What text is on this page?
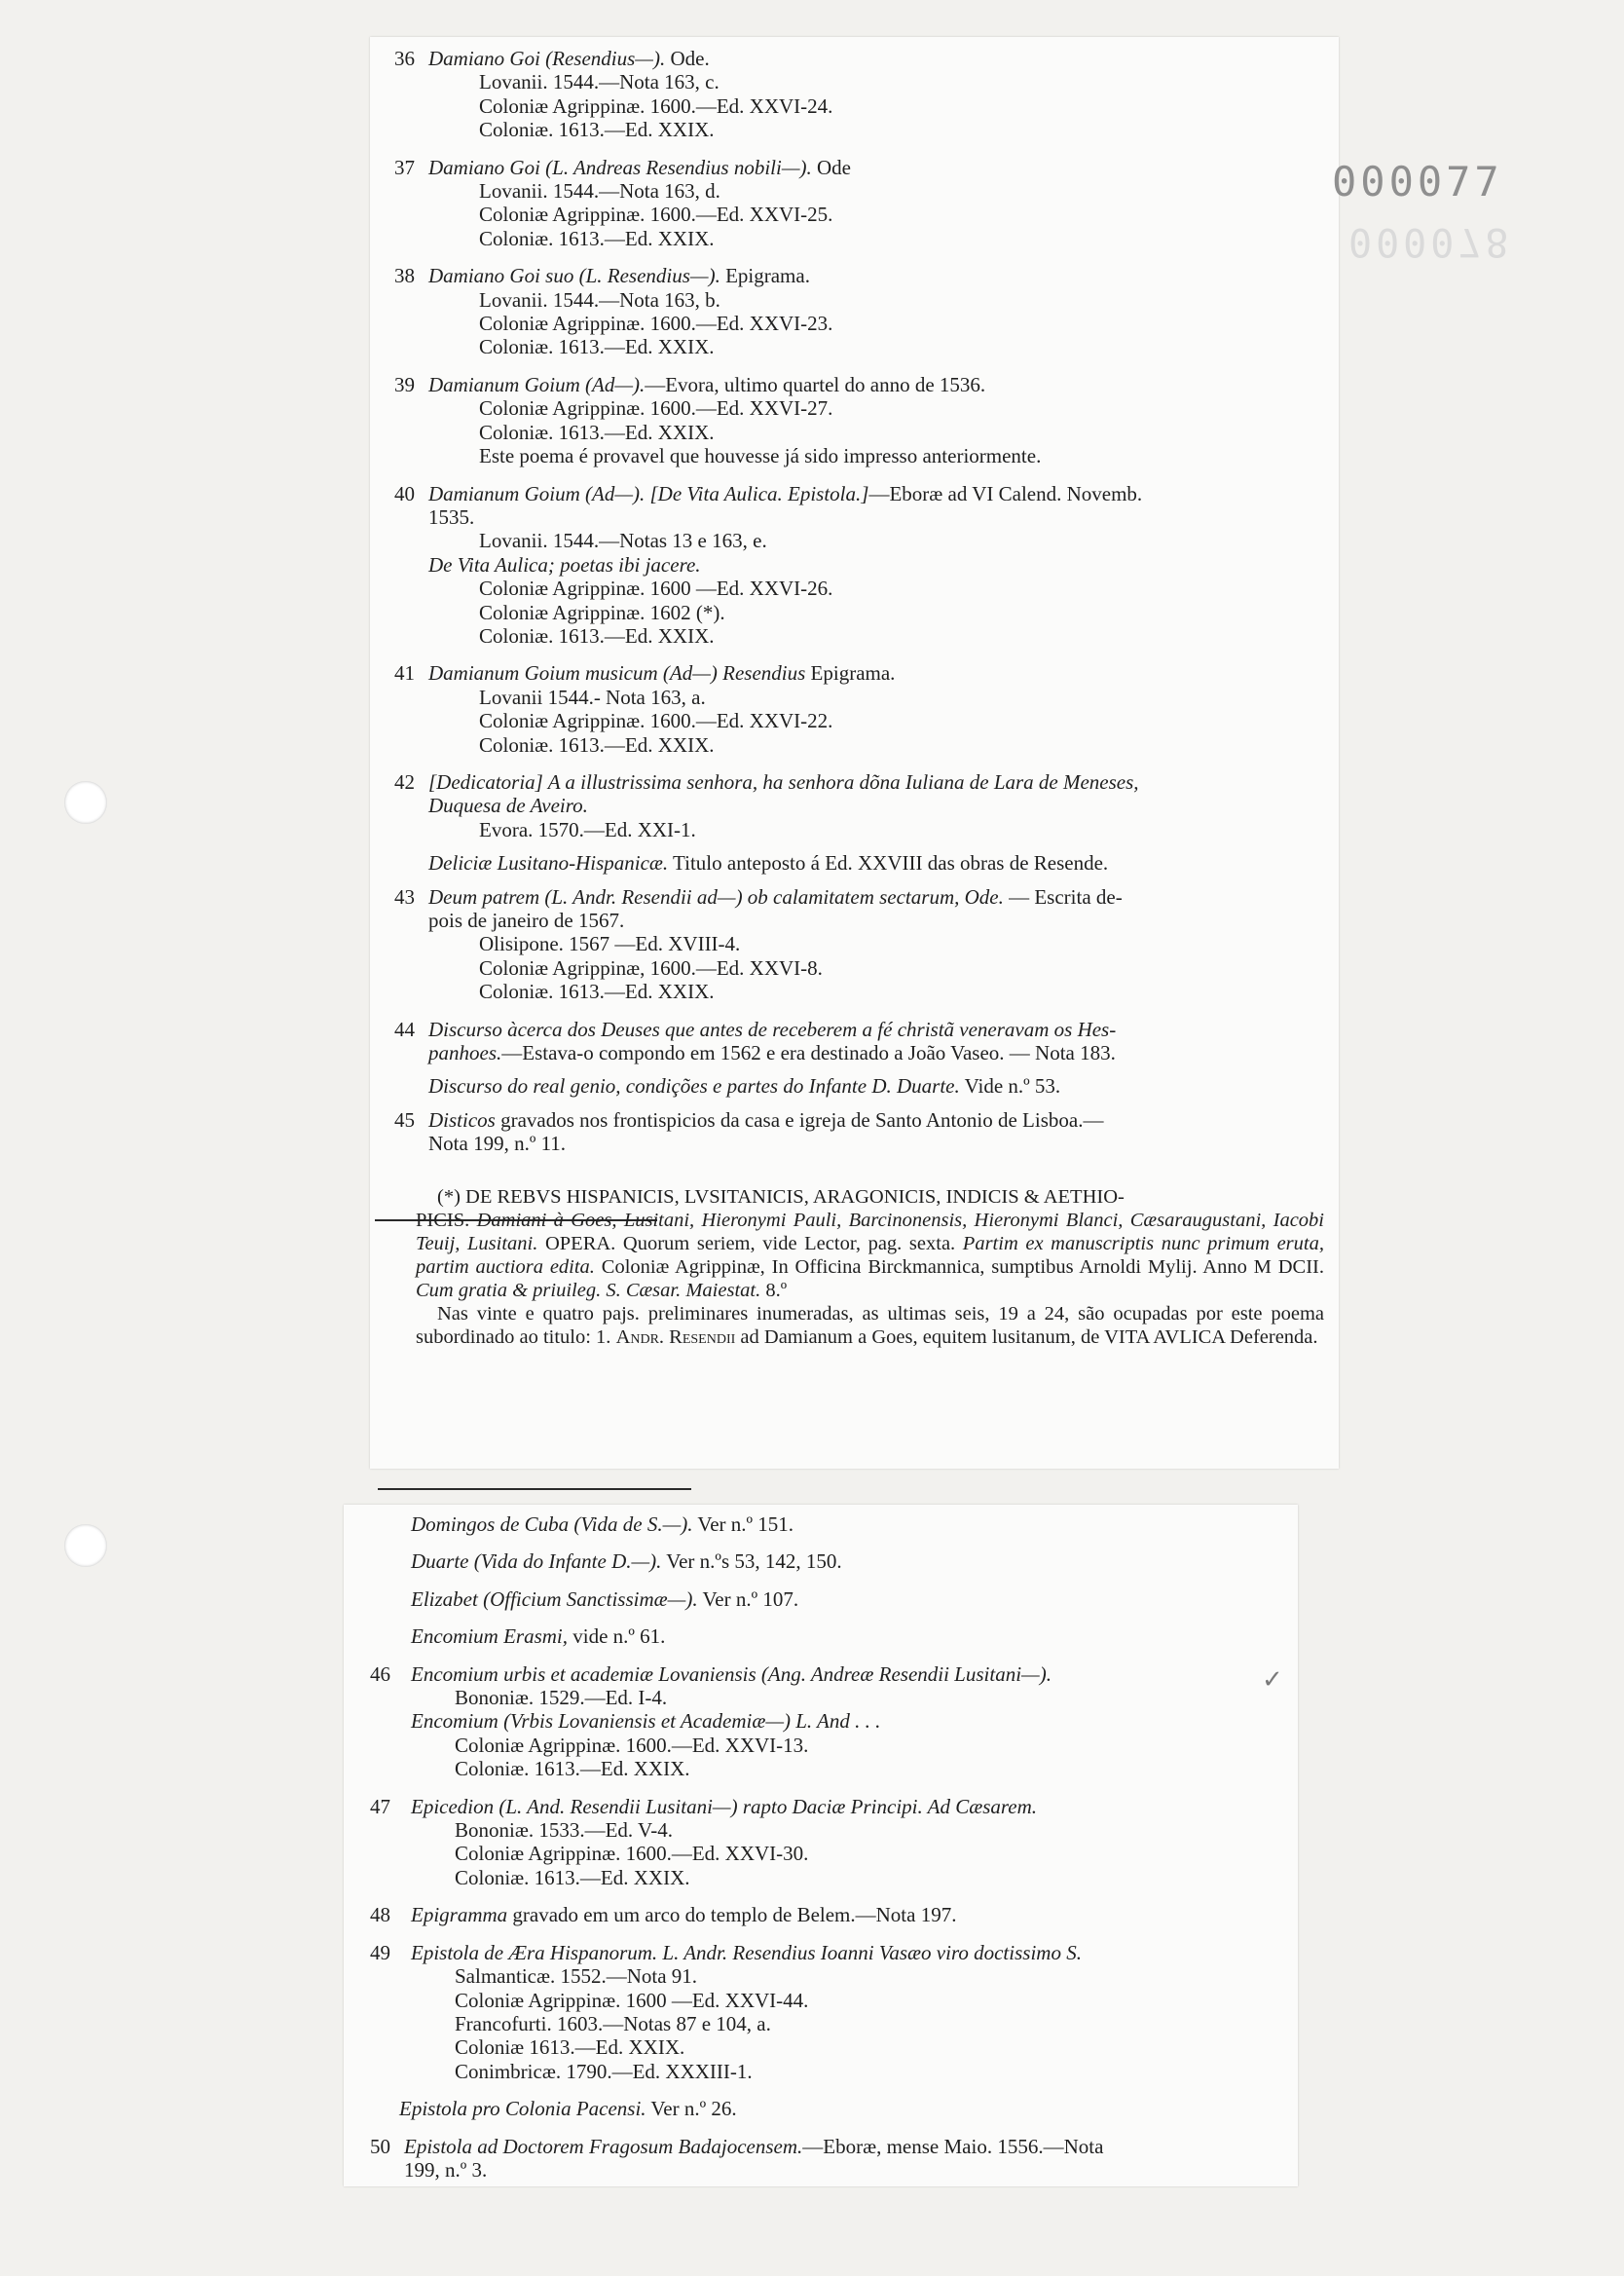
000077
000078
✓
36 Damiano Goi (Resendius—). Ode.
Lovanii. 1544.—Nota 163, c.
Coloniæ Agrippinæ. 1600.—Ed. XXVI-24.
Coloniæ. 1613.—Ed. XXIX.
37 Damiano Goi (L. Andreas Resendius nobili—). Ode
Lovanii. 1544.—Nota 163, d.
Coloniæ Agrippinæ. 1600.—Ed. XXVI-25.
Coloniæ. 1613.—Ed. XXIX.
38 Damiano Goi suo (L. Resendius—). Epigrama.
Lovanii. 1544.—Nota 163, b.
Coloniæ Agrippinæ. 1600.—Ed. XXVI-23.
Coloniæ. 1613.—Ed. XXIX.
39 Damianum Goium (Ad—).—Evora, ultimo quartel do anno de 1536.
Coloniæ Agrippinæ. 1600.—Ed. XXVI-27.
Coloniæ. 1613.—Ed. XXIX.
Este poema é provavel que houvesse já sido impresso anteriormente.
40 Damianum Goium (Ad—). [De Vita Aulica. Epistola.]—Eboræ ad VI Calend. Novemb.
1535.
Lovanii. 1544.—Notas 13 e 163, e.
De Vita Aulica; poetas ibi jacere.
Coloniæ Agrippinæ. 1600 —Ed. XXVI-26.
Coloniæ Agrippinæ. 1602 (*).
Coloniæ. 1613.—Ed. XXIX.
41 Damianum Goium musicum (Ad—) Resendius Epigrama.
Lovanii 1544.- Nota 163, a.
Coloniæ Agrippinæ. 1600.—Ed. XXVI-22.
Coloniæ. 1613.—Ed. XXIX.
42 [Dedicatoria] A a illustrissima senhora, ha senhora dõna Iuliana de Lara de Meneses,
Duquesa de Aveiro.
Evora. 1570.—Ed. XXI-1.
Deliciæ Lusitano-Hispanicæ. Titulo anteposto á Ed. XXVIII das obras de Resende.
43 Deum patrem (L. Andr. Resendii ad—) ob calamitatem sectarum, Ode. — Escrita de-
pois de janeiro de 1567.
Olisipone. 1567 —Ed. XVIII-4.
Coloniæ Agrippinæ, 1600.—Ed. XXVI-8.
Coloniæ. 1613.—Ed. XXIX.
44 Discurso àcerca dos Deuses que antes de receberem a fé christã veneravam os Hes-
panhoes.—Estava-o compondo em 1562 e era destinado a João Vaseo. — Nota 183.
Discurso do real genio, condições e partes do Infante D. Duarte. Vide n.º 53.
45 Disticos gravados nos frontispicios da casa e igreja de Santo Antonio de Lisboa.—
Nota 199, n.º 11.
(*) DE REBVS HISPANICIS, LVSITANICIS, ARAGONICIS, INDICIS & AETHIO-
PICIS. Damiani à Goes, Lusitani, Hieronymi Pauli, Barcinonensis, Hieronymi Blanci, Cæsaraugustani, Iacobi Teuij, Lusitani. OPERA. Quorum seriem, vide Lector, pag. sexta. Partim ex manuscriptis nunc primum eruta, partim auctiora edita. Coloniæ Agrippinæ, In Officina Birckmannica, sumptibus Arnoldi Mylij. Anno M DCII. Cum gratia & priuileg. S. Cæsar. Maiestat. 8.º
Nas vinte e quatro pajs. preliminares inumeradas, as ultimas seis, 19 a 24, são ocupadas por este poema subordinado ao titulo: 1. Andr. Resendii ad Damianum a Goes, equitem lusitanum, de VITA AVLICA Deferenda.
Domingos de Cuba (Vida de S.—). Ver n.º 151.
Duarte (Vida do Infante D.—). Ver n.ºs 53, 142, 150.
Elizabet (Officium Sanctissimæ—). Ver n.º 107.
Encomium Erasmi, vide n.º 61.
46 Encomium urbis et academiæ Lovaniensis (Ang. Andreæ Resendii Lusitani—).
Bononiæ. 1529.—Ed. I-4.
Encomium (Vrbis Lovaniensis et Academiæ—) L. And . . .
Coloniæ Agrippinæ. 1600.—Ed. XXVI-13.
Coloniæ. 1613.—Ed. XXIX.
47 Epicedion (L. And. Resendii Lusitani—) rapto Daciæ Principi. Ad Cæsarem.
Bononiæ. 1533.—Ed. V-4.
Coloniæ Agrippinæ. 1600.—Ed. XXVI-30.
Coloniæ. 1613.—Ed. XXIX.
48 Epigramma gravado em um arco do templo de Belem.—Nota 197.
49 Epistola de Æra Hispanorum. L. Andr. Resendius Ioanni Vasæo viro doctissimo S.
Salmanticæ. 1552.—Nota 91.
Coloniæ Agrippinæ. 1600 —Ed. XXVI-44.
Francofurti. 1603.—Notas 87 e 104, a.
Coloniæ 1613.—Ed. XXIX.
Conimbricæ. 1790.—Ed. XXXIII-1.
Epistola pro Colonia Pacensi. Ver n.º 26.
50 Epistola ad Doctorem Fragosum Badajocensem.—Eboræ, mense Maio. 1556.—Nota
199, n.º 3.
